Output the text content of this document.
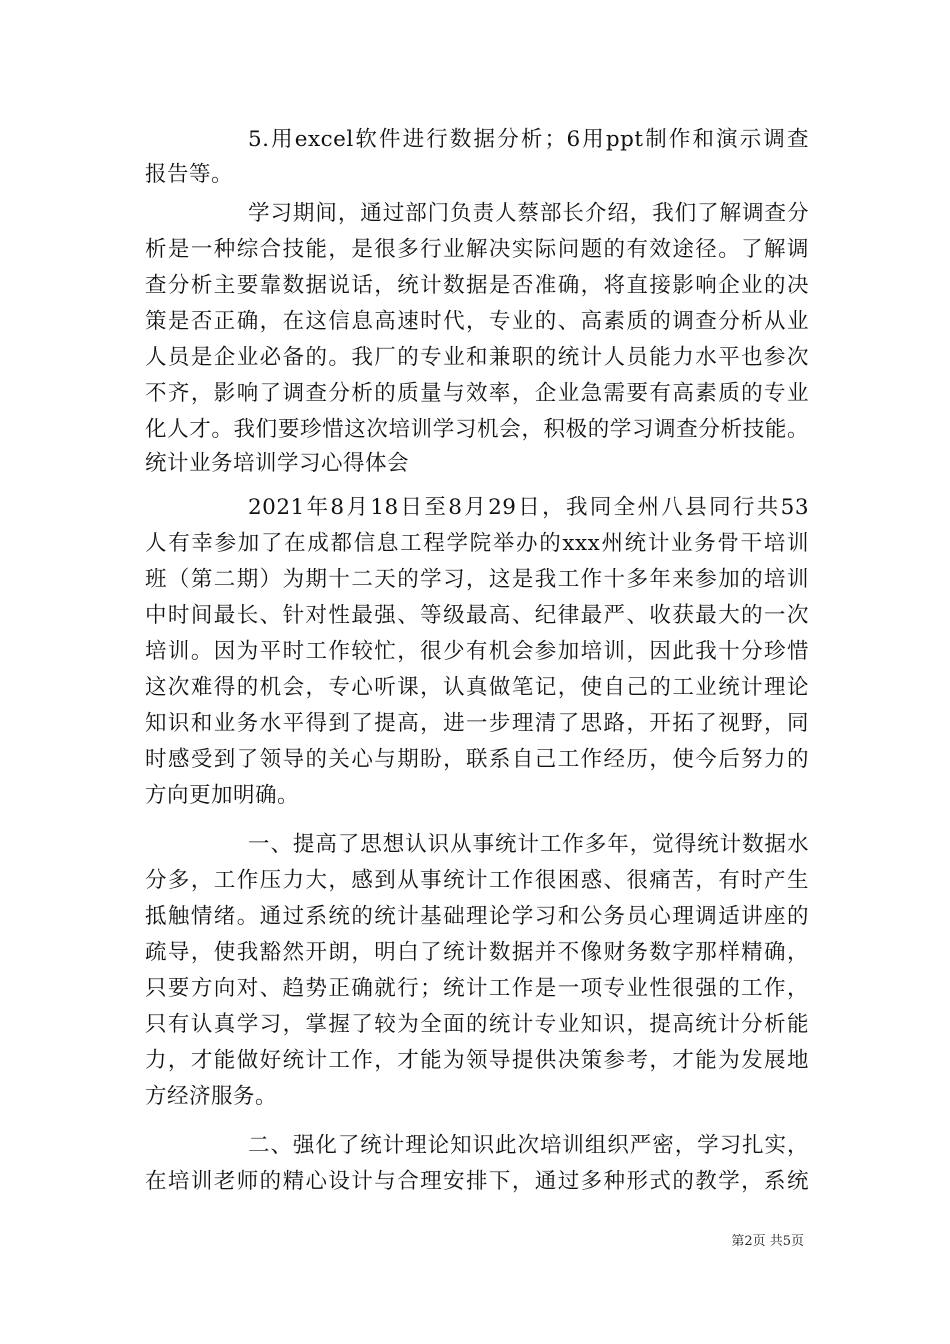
5.用excel软件进行数据分析；6用ppt制作和演示调查
报告等。
学习期间，通过部门负责人蔡部长介绍，我们了解调查分
析是一种综合技能，是很多行业解决实际问题的有效途径。了解调
查分析主要靠数据说话，统计数据是否准确，将直接影响企业的决
策是否正确，在这信息高速时代，专业的、高素质的调查分析从业
人员是企业必备的。我厂的专业和兼职的统计人员能力水平也参次
不齐，影响了调查分析的质量与效率，企业急需要有高素质的专业
化人才。我们要珍惜这次培训学习机会，积极的学习调查分析技能。
统计业务培训学习心得体会
2021年8月18日至8月29日，我同全州八县同行共53
人有幸参加了在成都信息工程学院举办的xxx州统计业务骨干培训
班（第二期）为期十二天的学习，这是我工作十多年来参加的培训
中时间最长、针对性最强、等级最高、纪律最严、收获最大的一次
培训。因为平时工作较忙，很少有机会参加培训，因此我十分珍惜
这次难得的机会，专心听课，认真做笔记，使自己的工业统计理论
知识和业务水平得到了提高，进一步理清了思路，开拓了视野，同
时感受到了领导的关心与期盼，联系自己工作经历，使今后努力的
方向更加明确。
一、提高了思想认识从事统计工作多年，觉得统计数据水
分多，工作压力大，感到从事统计工作很困惑、很痛苦，有时产生
抵触情绪。通过系统的统计基础理论学习和公务员心理调适讲座的
疏导，使我豁然开朗，明白了统计数据并不像财务数字那样精确，
只要方向对、趋势正确就行；统计工作是一项专业性很强的工作，
只有认真学习，掌握了较为全面的统计专业知识，提高统计分析能
力，才能做好统计工作，才能为领导提供决策参考，才能为发展地
方经济服务。
二、强化了统计理论知识此次培训组织严密，学习扎实，
在培训老师的精心设计与合理安排下，通过多种形式的教学，系统
第2页 共5页
